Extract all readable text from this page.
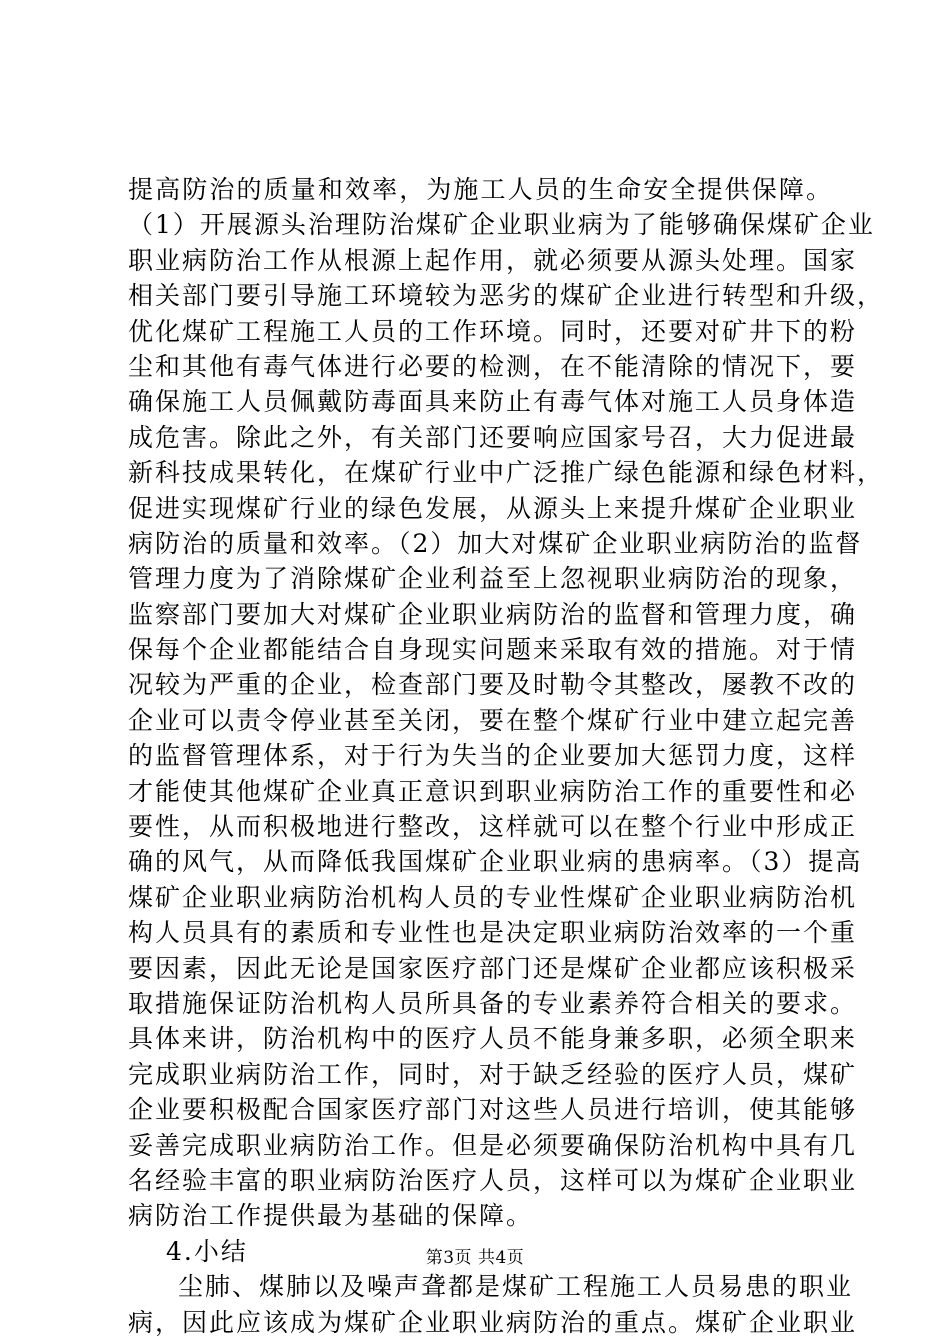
提高防治的质量和效率，为施工人员的生命安全提供保障。
（1）开展源头治理防治煤矿企业职业病为了能够确保煤矿企业
职业病防治工作从根源上起作用，就必须要从源头处理。国家
相关部门要引导施工环境较为恶劣的煤矿企业进行转型和升级，
优化煤矿工程施工人员的工作环境。同时，还要对矿井下的粉
尘和其他有毒气体进行必要的检测，在不能清除的情况下，要
确保施工人员佩戴防毒面具来防止有毒气体对施工人员身体造
成危害。除此之外，有关部门还要响应国家号召，大力促进最
新科技成果转化，在煤矿行业中广泛推广绿色能源和绿色材料，
促进实现煤矿行业的绿色发展，从源头上来提升煤矿企业职业
病防治的质量和效率。（2）加大对煤矿企业职业病防治的监督
管理力度为了消除煤矿企业利益至上忽视职业病防治的现象，
监察部门要加大对煤矿企业职业病防治的监督和管理力度，确
保每个企业都能结合自身现实问题来采取有效的措施。对于情
况较为严重的企业，检查部门要及时勒令其整改，屡教不改的
企业可以责令停业甚至关闭，要在整个煤矿行业中建立起完善
的监督管理体系，对于行为失当的企业要加大惩罚力度，这样
才能使其他煤矿企业真正意识到职业病防治工作的重要性和必
要性，从而积极地进行整改，这样就可以在整个行业中形成正
确的风气，从而降低我国煤矿企业职业病的患病率。（3）提高
煤矿企业职业病防治机构人员的专业性煤矿企业职业病防治机
构人员具有的素质和专业性也是决定职业病防治效率的一个重
要因素，因此无论是国家医疗部门还是煤矿企业都应该积极采
取措施保证防治机构人员所具备的专业素养符合相关的要求。
具体来讲，防治机构中的医疗人员不能身兼多职，必须全职来
完成职业病防治工作，同时，对于缺乏经验的医疗人员，煤矿
企业要积极配合国家医疗部门对这些人员进行培训，使其能够
妥善完成职业病防治工作。但是必须要确保防治机构中具有几
名经验丰富的职业病防治医疗人员，这样可以为煤矿企业职业
病防治工作提供最为基础的保障。
4.小结
尘肺、煤肺以及噪声聋都是煤矿工程施工人员易患的职业
病，因此应该成为煤矿企业职业病防治的重点。煤矿企业职业
第3页 共4页
